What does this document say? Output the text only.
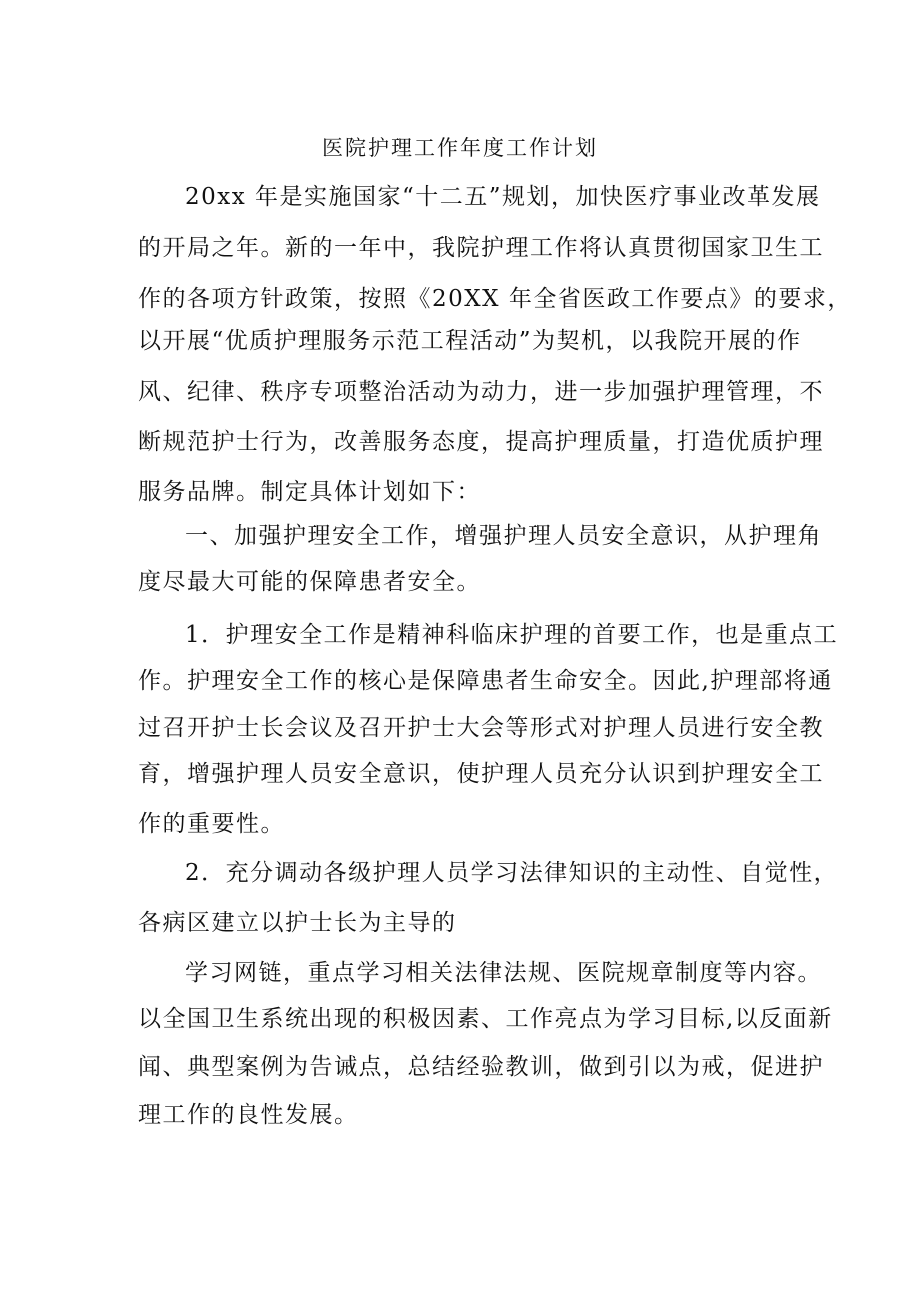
医院护理工作年度工作计划
20xx 年是实施国家“十二五”规划，加快医疗事业改革发展
的开局之年。新的一年中，我院护理工作将认真贯彻国家卫生工
作的各项方针政策，按照《20XX 年全省医政工作要点》的要求，
以开展“优质护理服务示范工程活动”为契机，以我院开展的作
风、纪律、秩序专项整治活动为动力，进一步加强护理管理，不
断规范护士行为，改善服务态度，提高护理质量，打造优质护理
服务品牌。制定具体计划如下：
一、加强护理安全工作，增强护理人员安全意识，从护理角
度尽最大可能的保障患者安全。
1．护理安全工作是精神科临床护理的首要工作，也是重点工
作。护理安全工作的核心是保障患者生命安全。因此,护理部将通
过召开护士长会议及召开护士大会等形式对护理人员进行安全教
育，增强护理人员安全意识，使护理人员充分认识到护理安全工
作的重要性。
2．充分调动各级护理人员学习法律知识的主动性、自觉性，
各病区建立以护士长为主导的
学习网链，重点学习相关法律法规、医院规章制度等内容。
以全国卫生系统出现的积极因素、工作亮点为学习目标,以反面新
闻、典型案例为告诫点，总结经验教训，做到引以为戒，促进护
理工作的良性发展。
